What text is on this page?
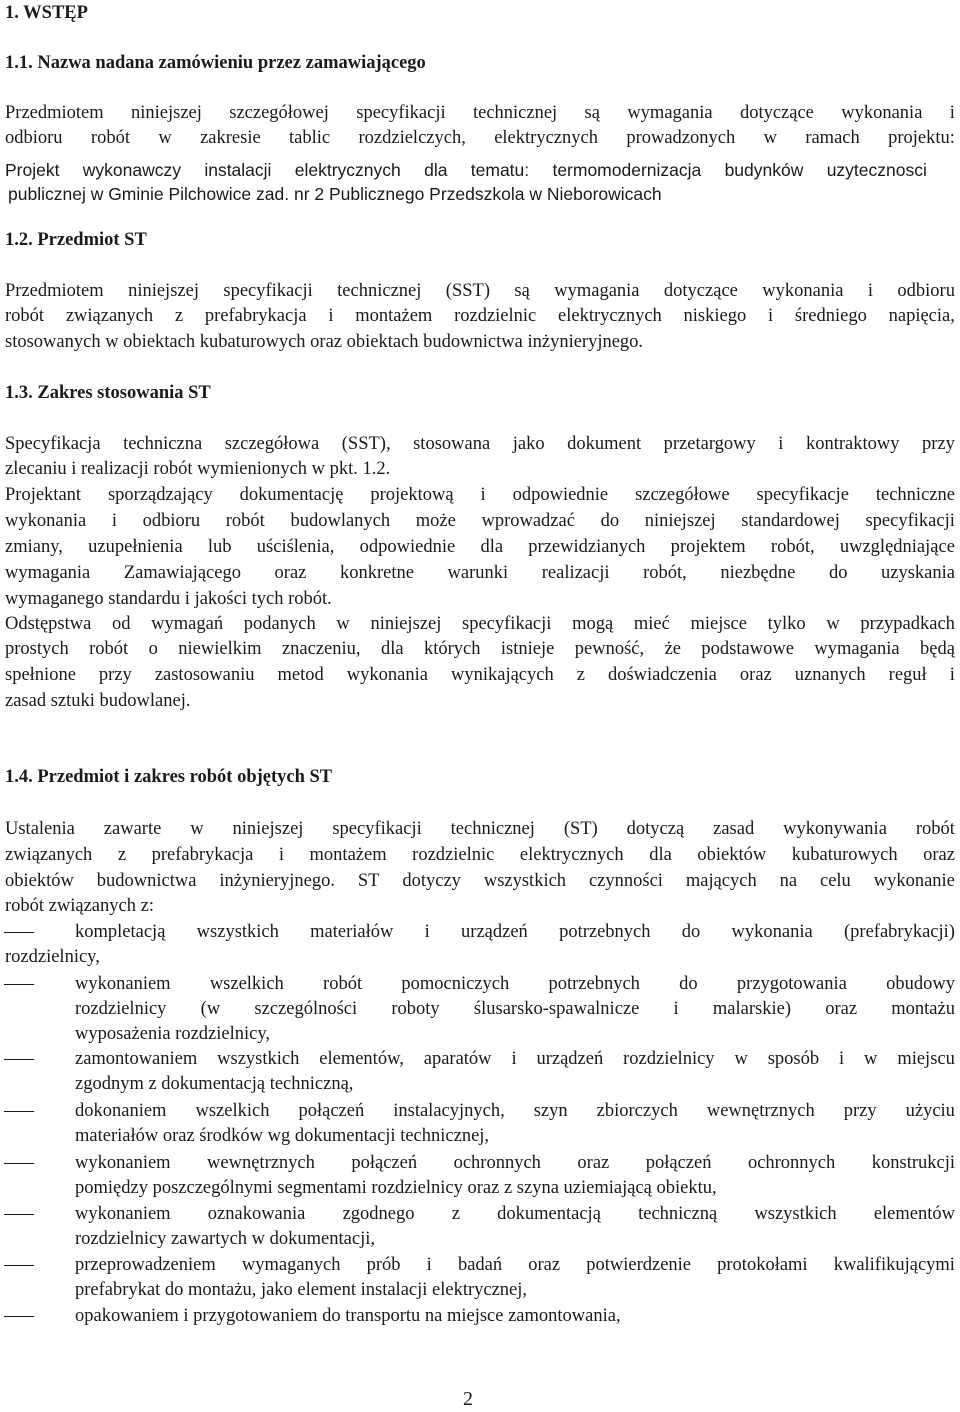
1. WSTĘP
1.1. Nazwa nadana zamówieniu przez zamawiającego
Przedmiotem niniejszej szczegółowej specyfikacji technicznej są wymagania dotyczące wykonania i
odbioru robót w zakresie tablic rozdzielczych, elektrycznych prowadzonych w ramach projektu:
Projekt wykonawczy instalacji elektrycznych dla tematu: termomodernizacja budynków uzytecznosci
publicznej w Gminie Pilchowice zad. nr 2 Publicznego Przedszkola w Nieborowicach
1.2. Przedmiot ST
Przedmiotem niniejszej specyfikacji technicznej (SST) są wymagania dotyczące wykonania i odbioru
robót związanych z prefabrykacja i montażem rozdzielnic elektrycznych niskiego i średniego napięcia,
stosowanych w obiektach kubaturowych oraz obiektach budownictwa inżynieryjnego.
1.3. Zakres stosowania ST
Specyfikacja techniczna szczegółowa (SST), stosowana jako dokument przetargowy i kontraktowy przy
zlecaniu i realizacji robót wymienionych w pkt. 1.2.
Projektant sporządzający dokumentację projektową i odpowiednie szczegółowe specyfikacje techniczne
wykonania i odbioru robót budowlanych może wprowadzać do niniejszej standardowej specyfikacji
zmiany, uzupełnienia lub uściślenia, odpowiednie dla przewidzianych projektem robót, uwzględniające
wymagania Zamawiającego oraz konkretne warunki realizacji robót, niezbędne do uzyskania
wymaganego standardu i jakości tych robót.
Odstępstwa od wymagań podanych w niniejszej specyfikacji mogą mieć miejsce tylko w przypadkach
prostych robót o niewielkim znaczeniu, dla których istnieje pewność, że podstawowe wymagania będą
spełnione przy zastosowaniu metod wykonania wynikających z doświadczenia oraz uznanych reguł i
zasad sztuki budowlanej.
1.4. Przedmiot i zakres robót objętych ST
Ustalenia zawarte w niniejszej specyfikacji technicznej (ST) dotyczą zasad wykonywania robót
związanych z prefabrykacja i montażem rozdzielnic elektrycznych dla obiektów kubaturowych oraz
obiektów budownictwa inżynieryjnego. ST dotyczy wszystkich czynności mających na celu wykonanie
robót związanych z:
kompletacją wszystkich materiałów i urządzeń potrzebnych do wykonania (prefabrykacji)
rozdzielnicy,
wykonaniem wszelkich robót pomocniczych potrzebnych do przygotowania obudowy
rozdzielnicy (w szczególności roboty ślusarsko-spawalnicze i malarskie) oraz montażu
wyposażenia rozdzielnicy,
zamontowaniem wszystkich elementów, aparatów i urządzeń rozdzielnicy w sposób i w miejscu
zgodnym z dokumentacją techniczną,
dokonaniem wszelkich połączeń instalacyjnych, szyn zbiorczych wewnętrznych przy użyciu
materiałów oraz środków wg dokumentacji technicznej,
wykonaniem wewnętrznych połączeń ochronnych oraz połączeń ochronnych konstrukcji
pomiędzy poszczególnymi segmentami rozdzielnicy oraz z szyna uziemiającą obiektu,
wykonaniem oznakowania zgodnego z dokumentacją techniczną wszystkich elementów
rozdzielnicy zawartych w dokumentacji,
przeprowadzeniem wymaganych prób i badań oraz potwierdzenie protokołami kwalifikującymi
prefabrykat do montażu, jako element instalacji elektrycznej,
opakowaniem i przygotowaniem do transportu na miejsce zamontowania,
2
